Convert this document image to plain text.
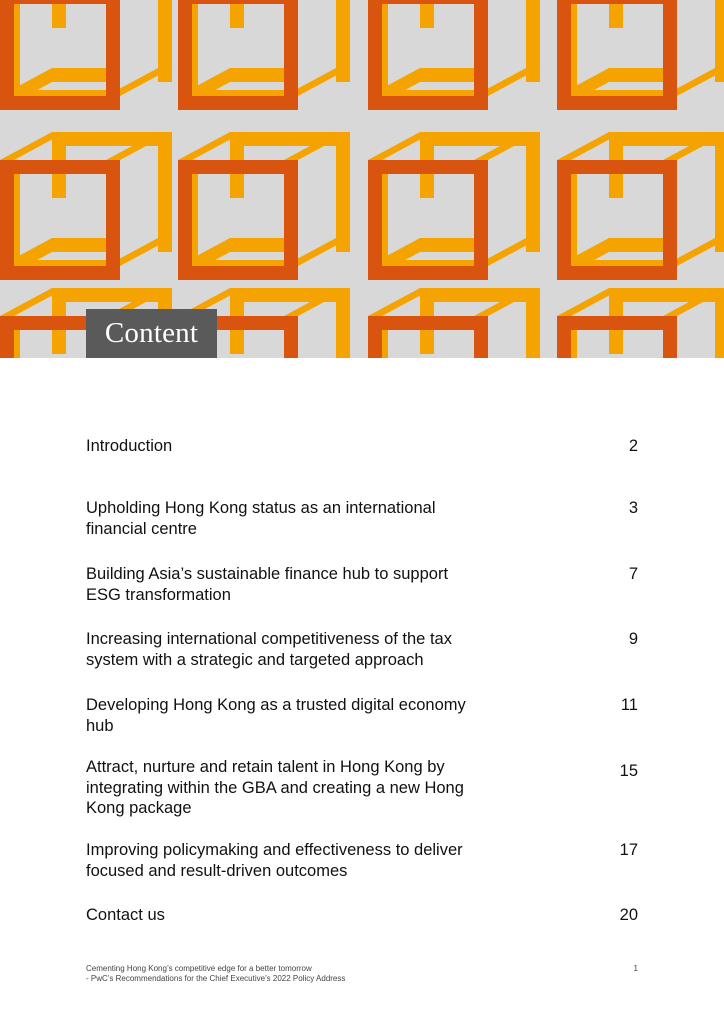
Content
Introduction	2
Upholding Hong Kong status as an international financial centre
3
Building Asia’s sustainable finance hub to support ESG transformation
7
Increasing international competitiveness of the tax system with a strategic and targeted approach
9
Developing Hong Kong as a trusted digital economy hub
11
Attract, nurture and retain talent in Hong Kong by integrating within the GBA and creating a new Hong Kong package
15
Improving policymaking and effectiveness to deliver focused and result-driven outcomes
17
Contact us	20
Cementing Hong Kong’s competitive edge for a better tomorrow
- PwC’s Recommendations for the Chief Executive’s 2022 Policy Address
1
